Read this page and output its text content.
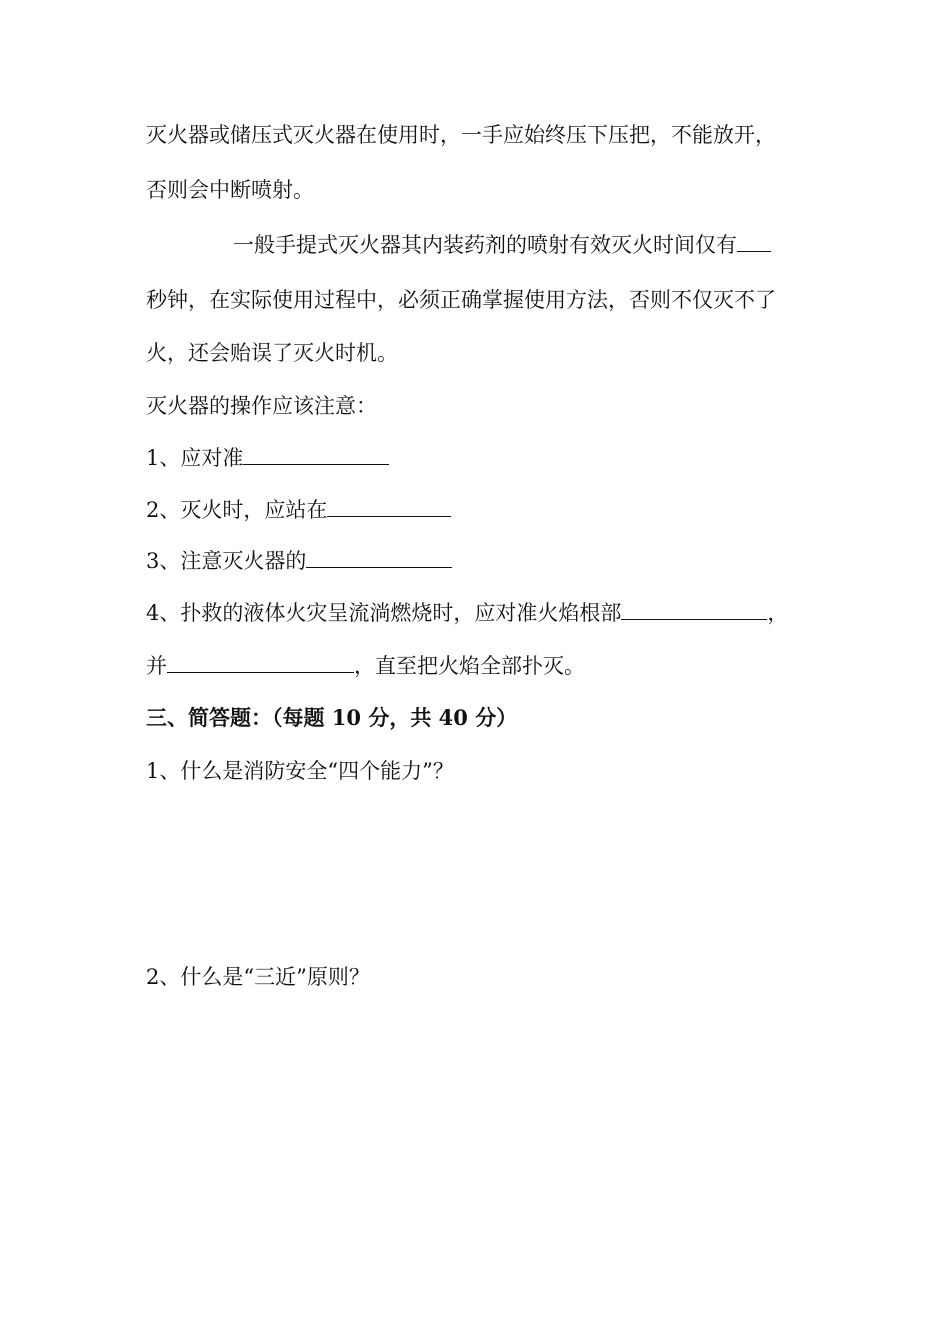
灭火器或储压式灭火器在使用时，一手应始终压下压把，不能放开，
否则会中断喷射。
一般手提式灭火器其内装药剂的喷射有效灭火时间仅有
秒钟，在实际使用过程中，必须正确掌握使用方法，否则不仅灭不了
火，还会贻误了灭火时机。
灭火器的操作应该注意：
1、应对准
2、灭火时，应站在
3、注意灭火器的
4、扑救的液体火灾呈流淌燃烧时，应对准火焰根部	，
并	，直至把火焰全部扑灭。
三、简答题：（每题 10 分，共 40 分）
1、什么是消防安全“四个能力”？
2、什么是“三近”原则？
